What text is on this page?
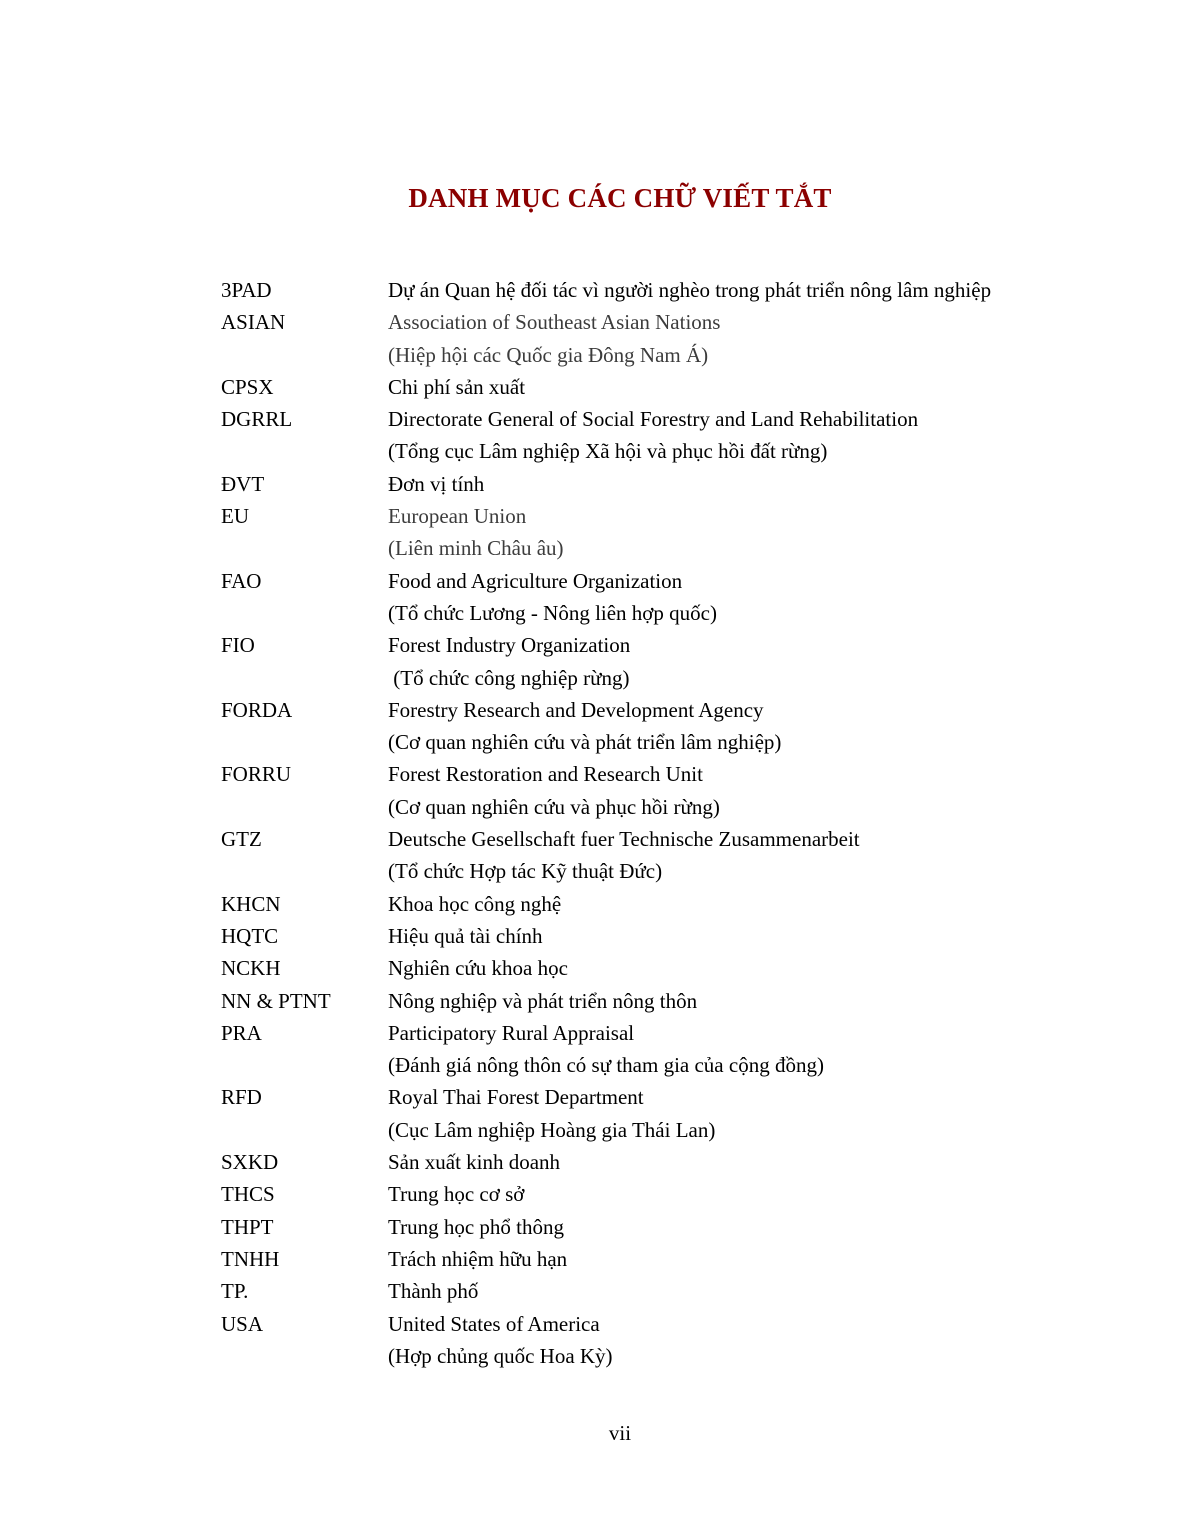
DANH MỤC CÁC CHỮ VIẾT TẮT
3PAD	Dự án Quan hệ đối tác vì người nghèo trong phát triển nông lâm nghiệp
ASIAN	Association of Southeast Asian Nations
(Hiệp hội các Quốc gia Đông Nam Á)
CPSX	Chi phí sản xuất
DGRRL	Directorate General of Social Forestry and Land Rehabilitation
(Tổng cục Lâm nghiệp Xã hội và phục hồi đất rừng)
ĐVT	Đơn vị tính
EU	European Union
(Liên minh Châu âu)
FAO	Food and Agriculture Organization
(Tổ chức Lương - Nông liên hợp quốc)
FIO	Forest Industry Organization
(Tổ chức công nghiệp rừng)
FORDA	Forestry Research and Development Agency
(Cơ quan nghiên cứu và phát triển lâm nghiệp)
FORRU	Forest Restoration and Research Unit
(Cơ quan nghiên cứu và phục hồi rừng)
GTZ	Deutsche Gesellschaft fuer Technische Zusammenarbeit
(Tổ chức Hợp tác Kỹ thuật Đức)
KHCN	Khoa học công nghệ
HQTC	Hiệu quả tài chính
NCKH	Nghiên cứu khoa học
NN & PTNT	Nông nghiệp và phát triển nông thôn
PRA	Participatory Rural Appraisal
(Đánh giá nông thôn có sự tham gia của cộng đồng)
RFD	Royal Thai Forest Department
(Cục Lâm nghiệp Hoàng gia Thái Lan)
SXKD	Sản xuất kinh doanh
THCS	Trung học cơ sở
THPT	Trung học phổ thông
TNHH	Trách nhiệm hữu hạn
TP.	Thành phố
USA	United States of America
(Hợp chủng quốc Hoa Kỳ)
vii
